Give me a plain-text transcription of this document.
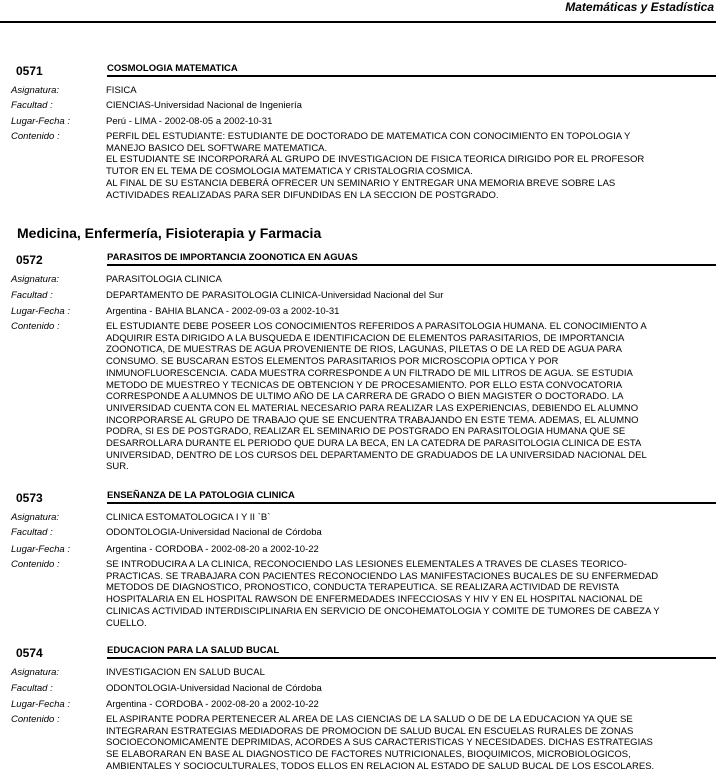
Matemáticas y Estadística
0571	COSMOLOGIA MATEMATICA
Asignatura:	FISICA
Facultad :	CIENCIAS-Universidad Nacional de Ingeniería
Lugar-Fecha :	Perú - LIMA - 2002-08-05 a 2002-10-31
Contenido :	PERFIL DEL ESTUDIANTE: ESTUDIANTE DE DOCTORADO DE MATEMATICA CON CONOCIMIENTO EN TOPOLOGIA Y
MANEJO BASICO DEL SOFTWARE MATEMATICA.
EL ESTUDIANTE SE INCORPORARÁ AL GRUPO DE INVESTIGACION DE FISICA TEORICA DIRIGIDO POR EL PROFESOR
TUTOR EN EL TEMA DE COSMOLOGIA MATEMATICA Y CRISTALOGRIA COSMICA.
AL FINAL DE SU ESTANCIA DEBERÁ OFRECER UN SEMINARIO Y ENTREGAR UNA MEMORIA BREVE SOBRE LAS
ACTIVIDADES REALIZADAS PARA SER DIFUNDIDAS EN LA SECCION DE POSTGRADO.
Medicina, Enfermería, Fisioterapia y Farmacia
0572	PARASITOS DE IMPORTANCIA ZOONOTICA EN AGUAS
Asignatura:	PARASITOLOGIA CLINICA
Facultad :	DEPARTAMENTO DE PARASITOLOGIA CLINICA-Universidad Nacional del Sur
Lugar-Fecha :	Argentina - BAHIA BLANCA - 2002-09-03 a 2002-10-31
Contenido :	EL ESTUDIANTE DEBE POSEER LOS CONOCIMIENTOS REFERIDOS A PARASITOLOGIA HUMANA. EL CONOCIMIENTO A
ADQUIRIR ESTA DIRIGIDO A LA BUSQUEDA E IDENTIFICACION DE ELEMENTOS PARASITARIOS, DE IMPORTANCIA
ZOONOTICA, DE MUESTRAS DE AGUA PROVENIENTE DE RIOS, LAGUNAS, PILETAS O DE LA RED DE AGUA PARA
CONSUMO. SE BUSCARAN ESTOS ELEMENTOS PARASITARIOS POR MICROSCOPIA OPTICA Y POR
INMUNOFLUORESCENCIA. CADA MUESTRA CORRESPONDE A UN FILTRADO DE MIL LITROS DE AGUA. SE ESTUDIA
METODO DE MUESTREO Y TECNICAS DE OBTENCION Y DE PROCESAMIENTO. POR ELLO ESTA CONVOCATORIA
CORRESPONDE A ALUMNOS DE ULTIMO AÑO DE LA CARRERA DE GRADO O BIEN MAGISTER O DOCTORADO. LA
UNIVERSIDAD CUENTA CON EL MATERIAL NECESARIO PARA REALIZAR LAS EXPERIENCIAS, DEBIENDO EL ALUMNO
INCORPORARSE AL GRUPO DE TRABAJO QUE SE ENCUENTRA TRABAJANDO EN ESTE TEMA. ADEMAS, EL ALUMNO
PODRA, SI ES DE POSTGRADO, REALIZAR EL SEMINARIO DE POSTGRADO EN PARASITOLOGIA HUMANA QUE SE
DESARROLLARA DURANTE EL PERIODO QUE DURA LA BECA, EN LA CATEDRA DE PARASITOLOGIA CLINICA DE ESTA
UNIVERSIDAD, DENTRO DE LOS CURSOS DEL DEPARTAMENTO DE GRADUADOS DE LA UNIVERSIDAD NACIONAL DEL
SUR.
0573	ENSEÑANZA DE LA PATOLOGIA CLINICA
Asignatura:	CLINICA ESTOMATOLOGICA I Y II `B`
Facultad :	ODONTOLOGIA-Universidad Nacional de Córdoba
Lugar-Fecha :	Argentina - CORDOBA - 2002-08-20 a 2002-10-22
Contenido :	SE INTRODUCIRA A LA CLINICA, RECONOCIENDO LAS LESIONES ELEMENTALES A TRAVES DE CLASES TEORICO-
PRACTICAS. SE TRABAJARA CON PACIENTES RECONOCIENDO LAS MANIFESTACIONES BUCALES DE SU ENFERMEDAD
METODOS DE DIAGNOSTICO, PRONOSTICO, CONDUCTA TERAPEUTICA. SE REALIZARA ACTIVIDAD DE REVISTA
HOSPITALARIA EN EL HOSPITAL RAWSON DE ENFERMEDADES INFECCIOSAS Y HIV Y EN EL HOSPITAL NACIONAL DE
CLINICAS ACTIVIDAD INTERDISCIPLINARIA EN SERVICIO DE ONCOHEMATOLOGIA Y COMITE DE TUMORES DE CABEZA Y
CUELLO.
0574	EDUCACION PARA LA SALUD BUCAL
Asignatura:	INVESTIGACION EN SALUD BUCAL
Facultad :	ODONTOLOGIA-Universidad Nacional de Córdoba
Lugar-Fecha :	Argentina - CORDOBA - 2002-08-20 a 2002-10-22
Contenido :	EL ASPIRANTE PODRA PERTENECER AL AREA DE LAS CIENCIAS DE LA SALUD O DE DE LA EDUCACION YA QUE SE
INTEGRARAN ESTRATEGIAS MEDIADORAS DE PROMOCION DE SALUD BUCAL EN ESCUELAS RURALES DE ZONAS
SOCIOECONOMICAMENTE DEPRIMIDAS, ACORDES A SUS CARACTERISTICAS Y NECESIDADES. DICHAS ESTRATEGIAS
SE ELABORARAN EN BASE AL DIAGNOSTICO DE FACTORES NUTRICIONALES, BIOQUIMICOS, MICROBIOLOGICOS,
AMBIENTALES Y SOCIOCULTURALES, TODOS ELLOS EN RELACION AL ESTADO DE SALUD BUCAL DE LOS ESCOLARES.
